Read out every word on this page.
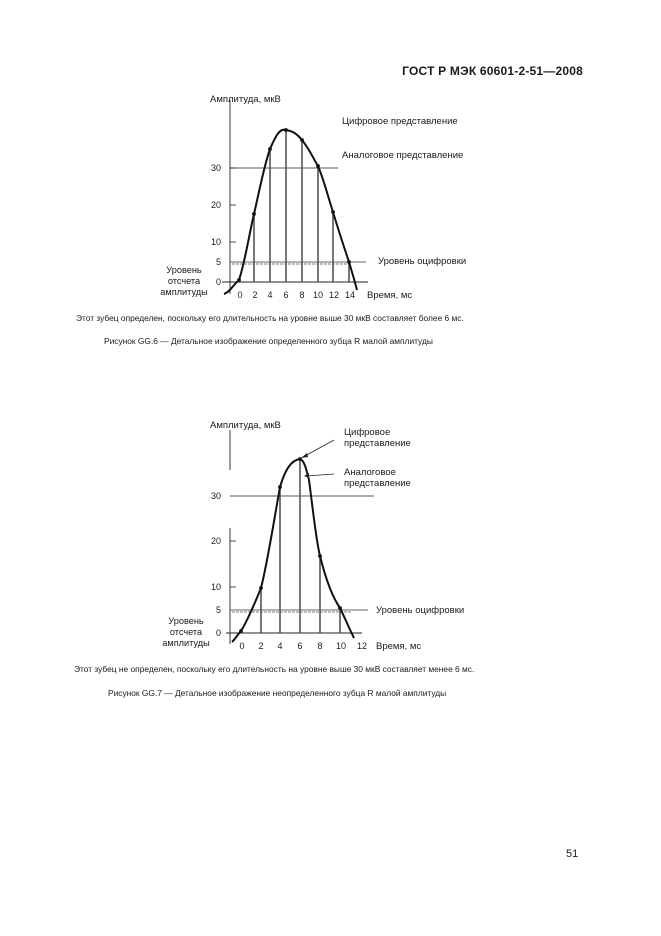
ГОСТ Р МЭК 60601-2-51—2008
Амплитуда, мкВ
0
5
10
20
30
0 2 4 6 8 10 12 14 Время, мс
Уровень
отсчета
амплитуды
Цифровое представление
Аналоговое представление
Уровень оцифровки
Этот зубец определен, поскольку его длительность на уровне выше 30 мкВ составляет более 6 мс.
Рисунок GG.6 — Детальное изображение определенного зубца R малой амплитуды
Амплитуда, мкВ
0
5
10
20
30
0 2 4 6 8 10 12 Время, мс
Уровень
отсчета
амплитуды
Цифровое
представление
Аналоговое
представление
Уровень оцифровки
Этот зубец не определен, поскольку его длительность на уровне выше 30 мкВ составляет менее 6 мс.
Рисунок GG.7 — Детальное изображение неопределенного зубца R малой амплитуды
51
